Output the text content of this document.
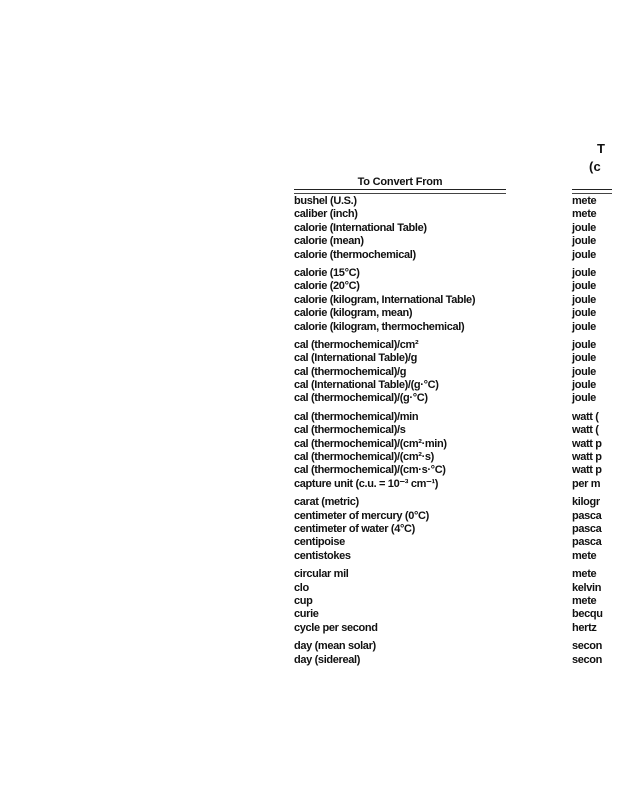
T
(c
To Convert From
bushel (U.S.)	mete
caliber (inch)	mete
calorie (International Table)	joule
calorie (mean)	joule
calorie (thermochemical)	joule
calorie (15°C)	joule
calorie (20°C)	joule
calorie (kilogram, International Table)	joule
calorie (kilogram, mean)	joule
calorie (kilogram, thermochemical)	joule
cal (thermochemical)/cm²	joule
cal (International Table)/g	joule
cal (thermochemical)/g	joule
cal (International Table)/(g·°C)	joule
cal (thermochemical)/(g·°C)	joule
cal (thermochemical)/min	watt (
cal (thermochemical)/s	watt (
cal (thermochemical)/(cm²·min)	watt p
cal (thermochemical)/(cm²·s)	watt p
cal (thermochemical)/(cm·s·°C)	watt p
capture unit (c.u. = 10⁻³ cm⁻¹)	per m
carat (metric)	kilogr
centimeter of mercury (0°C)	pasca
centimeter of water (4°C)	pasca
centipoise	pasca
centistokes	mete
circular mil	mete
clo	kelvin
cup	mete
curie	becqu
cycle per second	hertz
day (mean solar)	secon
day (sidereal)	secon
